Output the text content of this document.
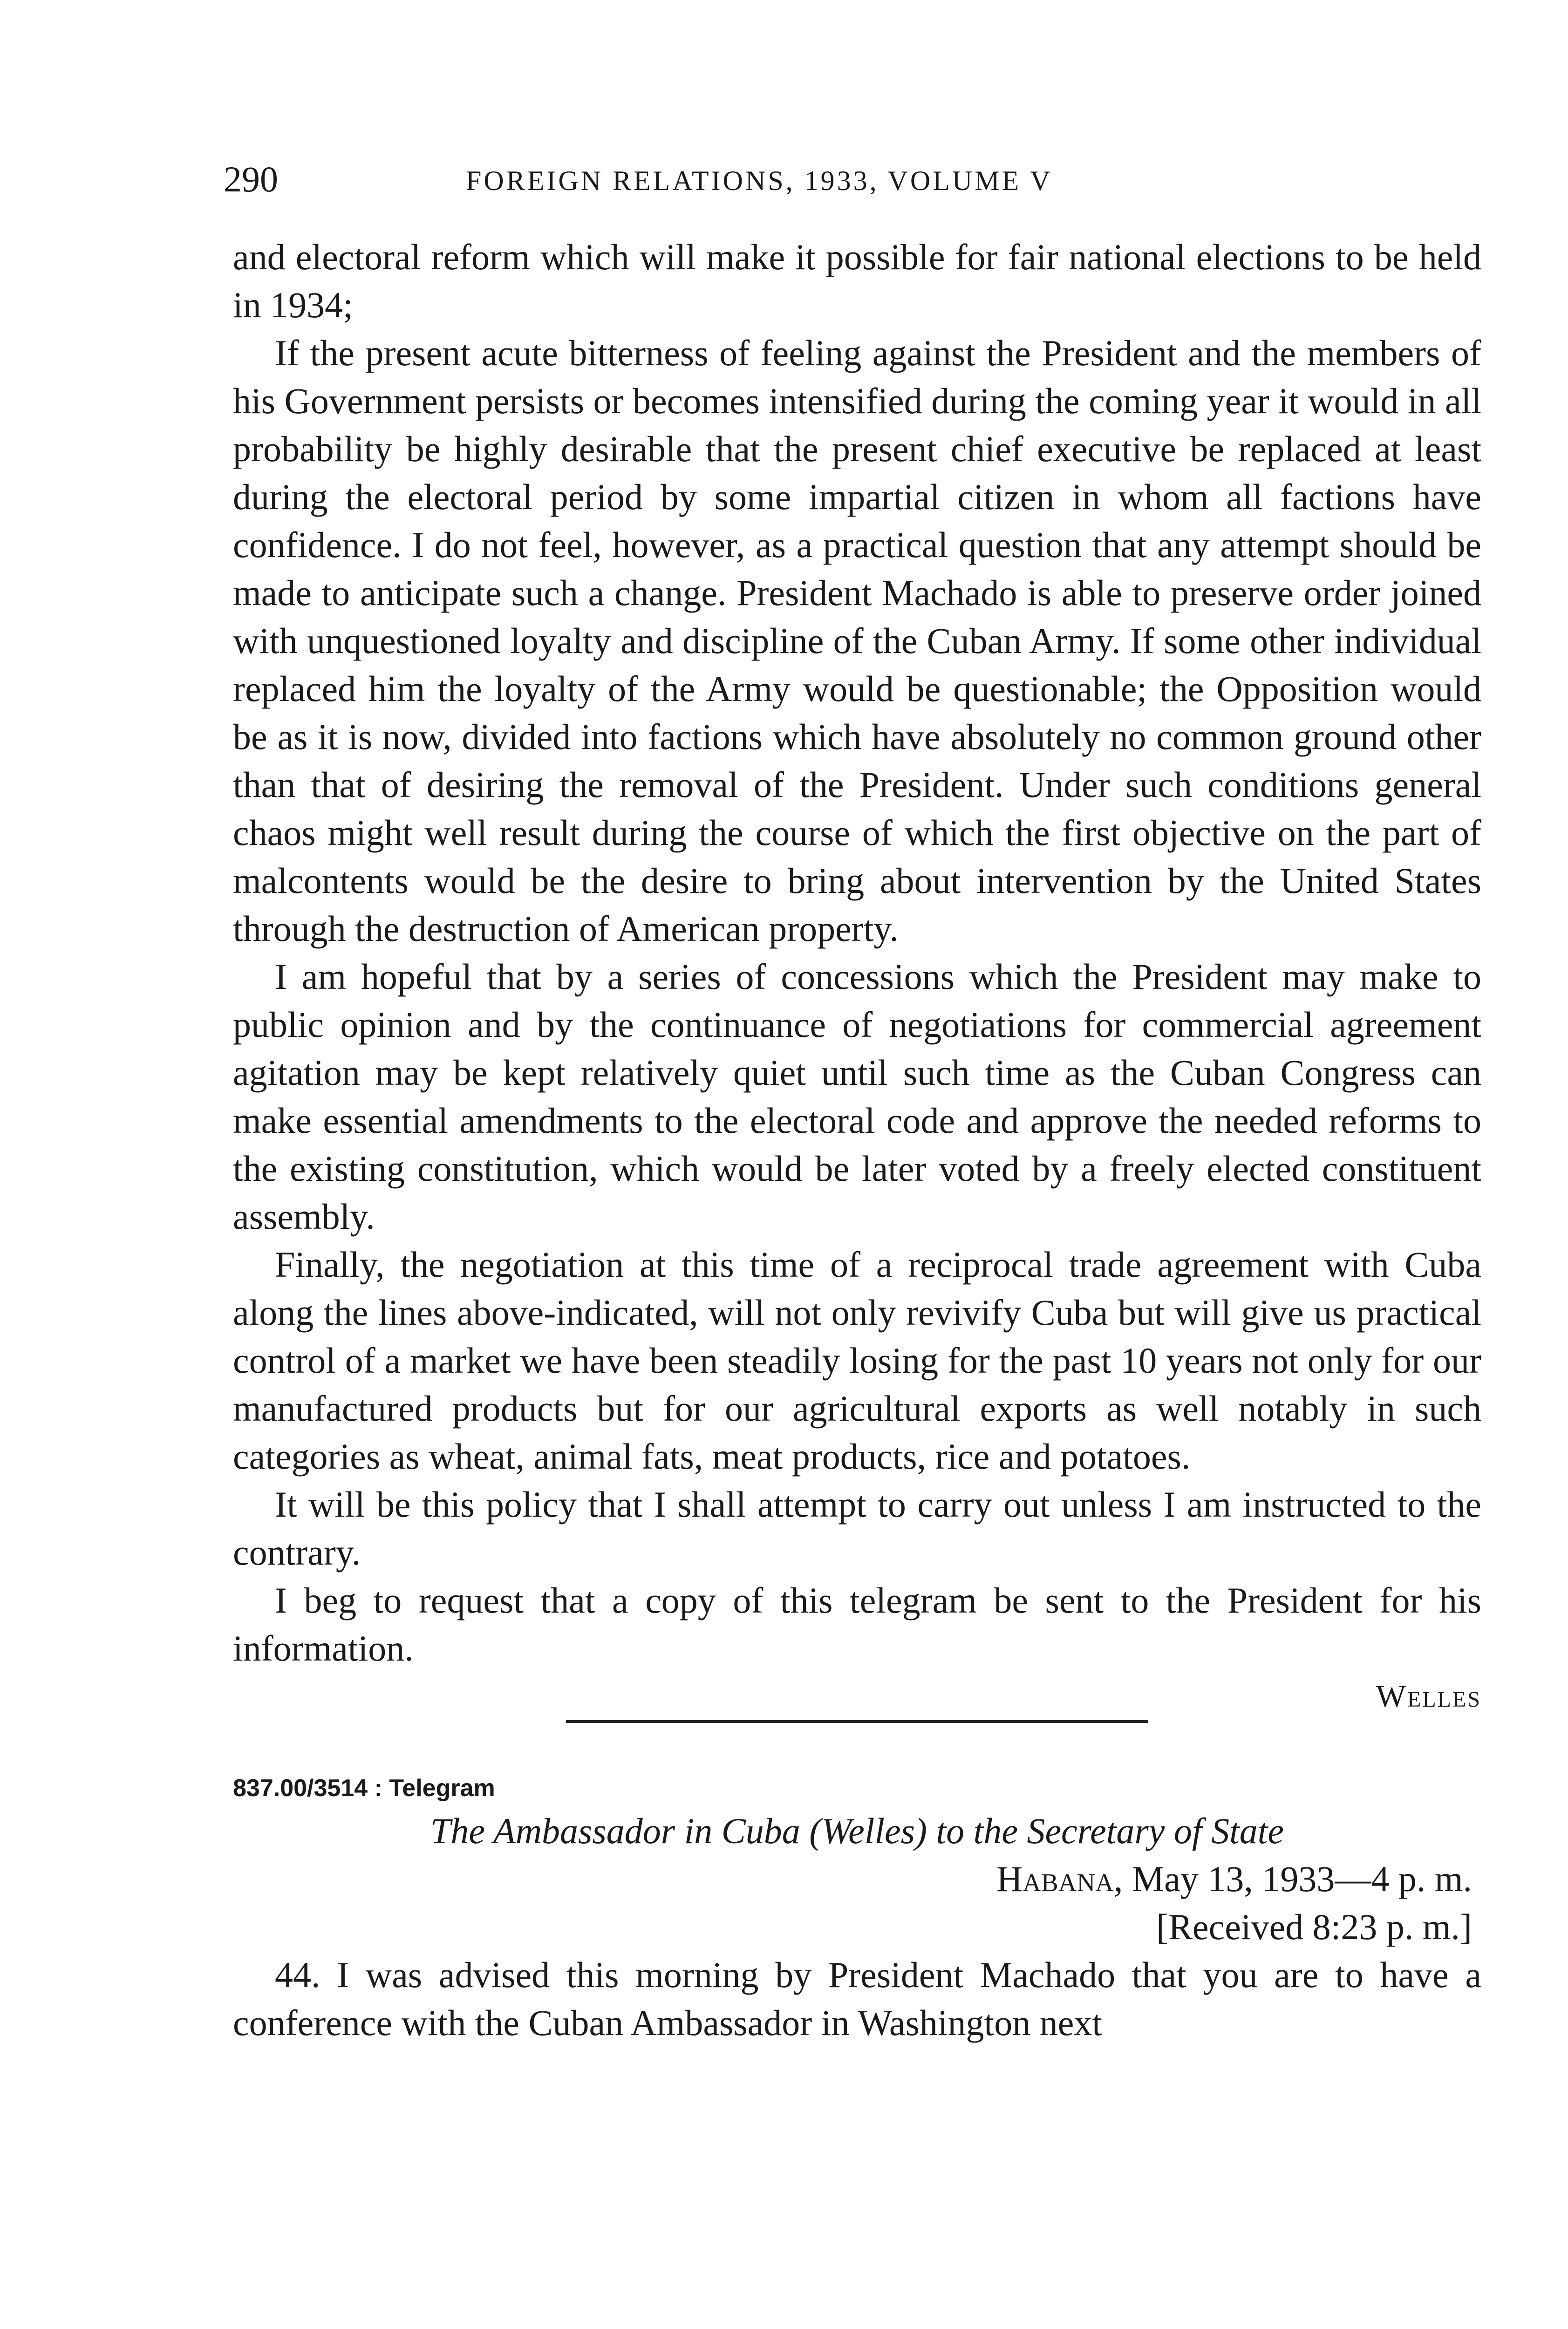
290	FOREIGN RELATIONS, 1933, VOLUME V

and electoral reform which will make it possible for fair national elections to be held in 1934;

If the present acute bitterness of feeling against the President and the members of his Government persists or becomes intensified during the coming year it would in all probability be highly desirable that the present chief executive be replaced at least during the electoral period by some impartial citizen in whom all factions have confidence. I do not feel, however, as a practical question that any attempt should be made to anticipate such a change. President Machado is able to preserve order joined with unquestioned loyalty and discipline of the Cuban Army. If some other individual replaced him the loyalty of the Army would be questionable; the Opposition would be as it is now, divided into factions which have absolutely no common ground other than that of desiring the removal of the President. Under such conditions general chaos might well result during the course of which the first objective on the part of malcontents would be the desire to bring about intervention by the United States through the destruction of American property.

I am hopeful that by a series of concessions which the President may make to public opinion and by the continuance of negotiations for commercial agreement agitation may be kept relatively quiet until such time as the Cuban Congress can make essential amendments to the electoral code and approve the needed reforms to the existing constitution, which would be later voted by a freely elected constituent assembly.

Finally, the negotiation at this time of a reciprocal trade agreement with Cuba along the lines above-indicated, will not only revivify Cuba but will give us practical control of a market we have been steadily losing for the past 10 years not only for our manufactured products but for our agricultural exports as well notably in such categories as wheat, animal fats, meat products, rice and potatoes.

It will be this policy that I shall attempt to carry out unless I am instructed to the contrary.

I beg to request that a copy of this telegram be sent to the President for his information.

Welles

837.00/3514 : Telegram

The Ambassador in Cuba (Welles) to the Secretary of State

Habana, May 13, 1933—4 p. m.

[Received 8:23 p. m.]

44. I was advised this morning by President Machado that you are to have a conference with the Cuban Ambassador in Washington next
